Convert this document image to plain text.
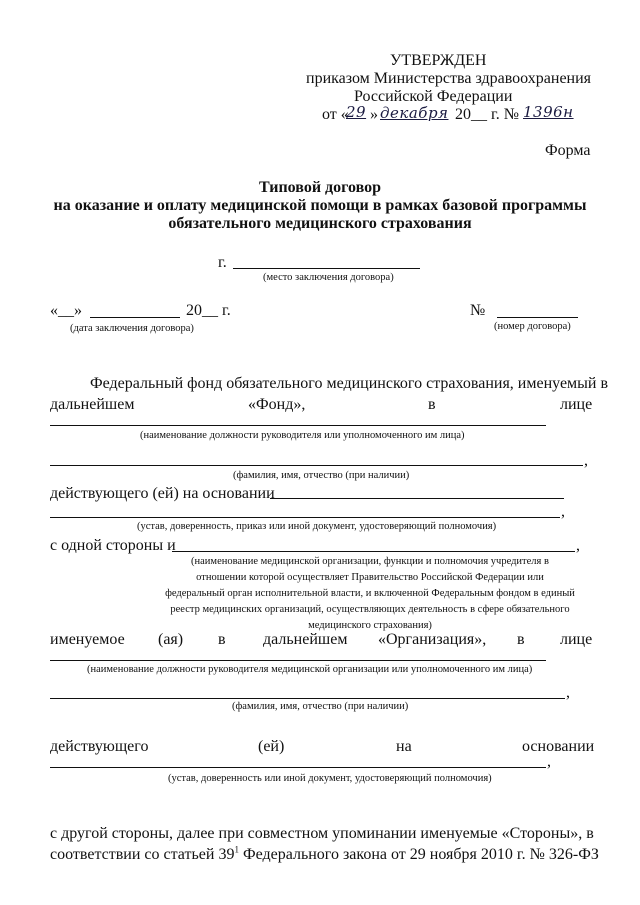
УТВЕРЖДЕН
приказом Министерства здравоохранения
Российской Федерации
от «
29 » декабря 20__ г. № 1396н
Форма
Типовой договор
на оказание и оплату медицинской помощи в рамках базовой программы
обязательного медицинского страхования
г.
(место заключения договора)
«__»	20__ г.
(дата заключения договора)
№
(номер договора)
Федеральный фонд обязательного медицинского страхования, именуемый в
дальнейшем	«Фонд»,	в	лице
(наименование должности руководителя или уполномоченного им лица)
,
(фамилия, имя, отчество (при наличии)
действующего (ей) на основании
,
(устав, доверенность, приказ или иной документ, удостоверяющий полномочия)
с одной стороны и	,
(наименование медицинской организации, функции и полномочия учредителя в
отношении которой осуществляет Правительство Российской Федерации или
федеральный орган исполнительной власти, и включенной Федеральным фондом в единый
реестр медицинских организаций, осуществляющих деятельность в сфере обязательного
медицинского страхования)
именуемое (ая) в дальнейшем «Организация», в лице
(наименование должности руководителя медицинской организации или уполномоченного им лица)
,
(фамилия, имя, отчество (при наличии)
действующего	(ей)	на	основании
,
(устав, доверенность или иной документ, удостоверяющий полномочия)
с другой стороны, далее при совместном упоминании именуемые «Стороны», в
соответствии со статьей $39^1$ Федерального закона от 29 ноября 2010 г. № 326-ФЗ
